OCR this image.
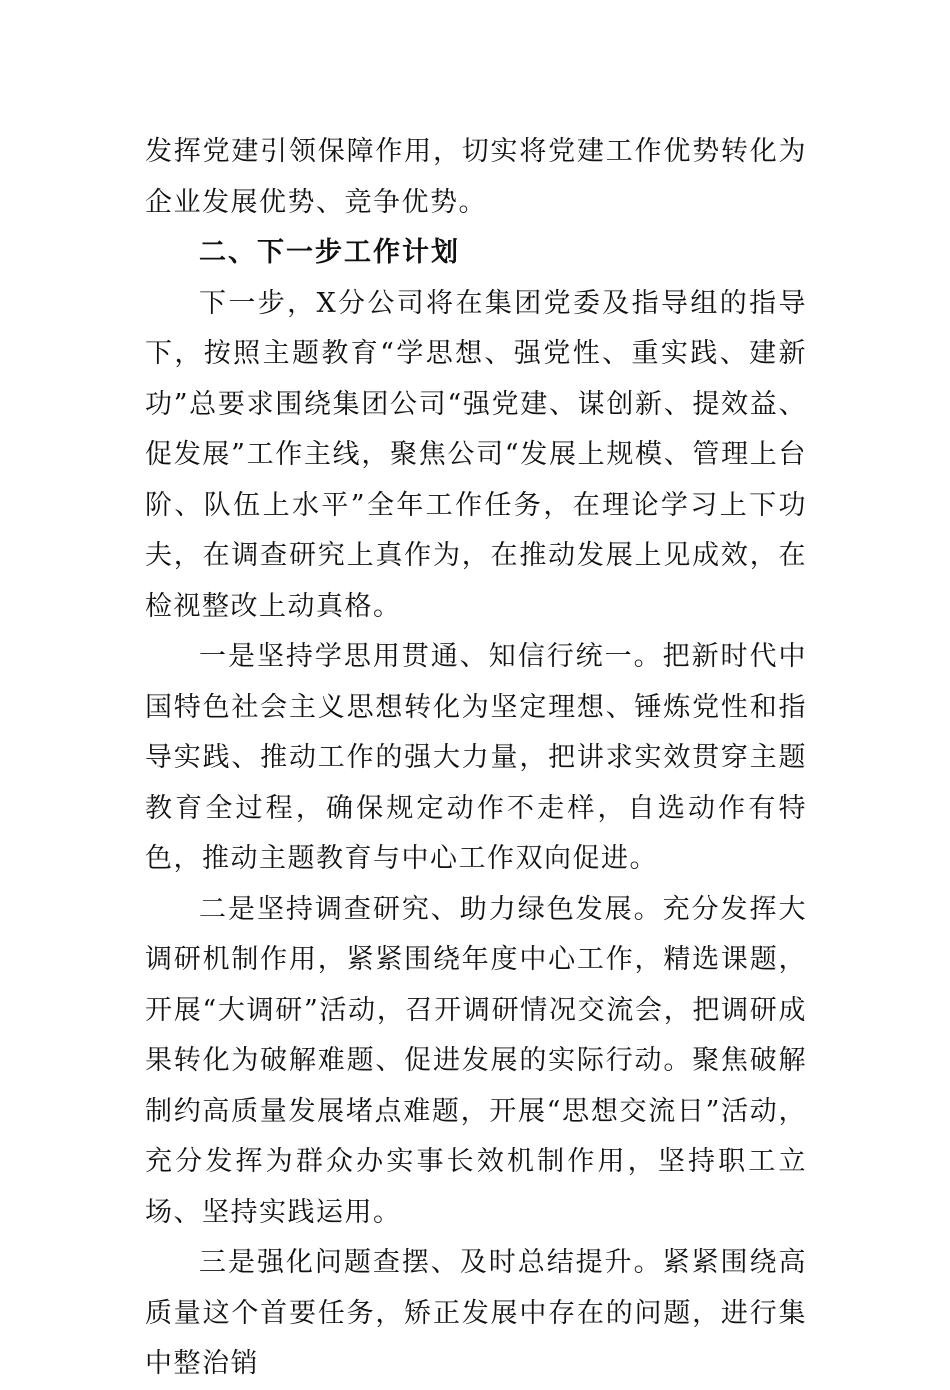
发挥党建引领保障作用，切实将党建工作优势转化为企业发展优势、竞争优势。

二、下一步工作计划

下一步，X分公司将在集团党委及指导组的指导下，按照主题教育“学思想、强党性、重实践、建新功”总要求围绕集团公司“强党建、谋创新、提效益、促发展”工作主线，聚焦公司“发展上规模、管理上台阶、队伍上水平”全年工作任务，在理论学习上下功夫，在调查研究上真作为，在推动发展上见成效，在检视整改上动真格。

一是坚持学思用贯通、知信行统一。把新时代中国特色社会主义思想转化为坚定理想、锤炼党性和指导实践、推动工作的强大力量，把讲求实效贯穿主题教育全过程，确保规定动作不走样，自选动作有特色，推动主题教育与中心工作双向促进。

二是坚持调查研究、助力绿色发展。充分发挥大调研机制作用，紧紧围绕年度中心工作，精选课题，开展“大调研”活动，召开调研情况交流会，把调研成果转化为破解难题、促进发展的实际行动。聚焦破解制约高质量发展堵点难题，开展“思想交流日”活动，充分发挥为群众办实事长效机制作用，坚持职工立场、坚持实践运用。

三是强化问题查摆、及时总结提升。紧紧围绕高质量这个首要任务，矫正发展中存在的问题，进行集中整治销
